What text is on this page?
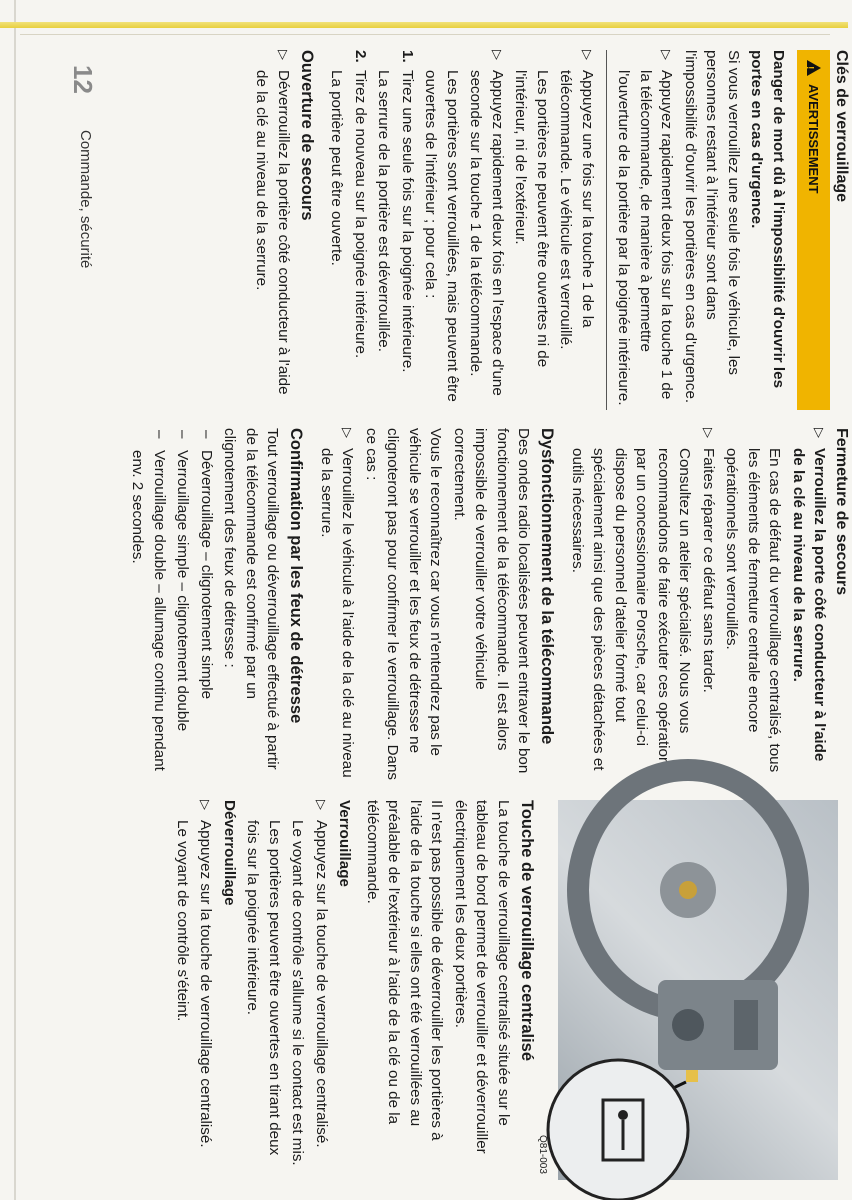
Clés de verrouillage
!
AVERTISSEMENT

Danger de mort dû à l'impossibilité d'ouvrir les portes en cas d'urgence.

Si vous verrouillez une seule fois le véhicule, les personnes restant à l'intérieur sont dans l'impossibilité d'ouvrir les portières en cas d'urgence.

▷
Appuyez rapidement deux fois sur la touche 1 de la télécommande, de manière à permettre l'ouverture de la portière par la poignée intérieure.

▷
Appuyez une fois sur la touche 1 de la télécommande. Le véhicule est verrouillé.

Les portières ne peuvent être ouvertes ni de l'intérieur, ni de l'extérieur.

▷
Appuyez rapidement deux fois en l'espace d'une seconde sur la touche 1 de la télécommande.

Les portières sont verrouillées, mais peuvent être ouvertes de l'intérieur ; pour cela :

1.
Tirez une seule fois sur la poignée intérieure.

La serrure de la portière est déverrouillée.

2.
Tirez de nouveau sur la poignée intérieure.

La portière peut être ouverte.

Ouverture de secours

▷
Déverrouillez la portière côté conducteur à l'aide de la clé au niveau de la serrure.

Fermeture de secours

▷
Verrouillez la porte côté conducteur à l'aide de la clé au niveau de la serrure.

En cas de défaut du verrouillage centralisé, tous les éléments de fermeture centrale encore opérationnels sont verrouillés.

▷
Faites réparer ce défaut sans tarder.

Consultez un atelier spécialisé. Nous vous recommandons de faire exécuter ces opérations par un concessionnaire Porsche, car celui-ci dispose du personnel d'atelier formé tout spécialement ainsi que des pièces détachées et outils nécessaires.

Dysfonctionnement de la télécommande

Des ondes radio localisées peuvent entraver le bon fonctionnement de la télécommande. Il est alors impossible de verrouiller votre véhicule correctement.

Vous le reconnaîtrez car vous n'entendrez pas le véhicule se verrouiller et les feux de détresse ne clignoteront pas pour confirmer le verrouillage. Dans ce cas :

▷
Verrouillez le véhicule à l'aide de la clé au niveau de la serrure.

Confirmation par les feux de détresse

Tout verrouillage ou déverrouillage effectué à partir de la télécommande est confirmé par un clignotement des feux de détresse :

–
Déverrouillage – clignotement simple

–
Verrouillage simple – clignotement double

–
Verrouillage double – allumage continu pendant env. 2 secondes.

Q81-003
Touche de verrouillage centralisé

La touche de verrouillage centralisé située sur le tableau de bord permet de verrouiller et déverrouiller électriquement les deux portières.

Il n'est pas possible de déverrouiller les portières à l'aide de la touche si elles ont été verrouillées au préalable de l'extérieur à l'aide de la clé ou de la télécommande.

Verrouillage

▷
Appuyez sur la touche de verrouillage centralisé.

Le voyant de contrôle s'allume si le contact est mis.

Les portières peuvent être ouvertes en tirant deux fois sur la poignée intérieure.

Déverrouillage

▷
Appuyez sur la touche de verrouillage centralisé.

Le voyant de contrôle s'éteint.

12
Commande, sécurité
